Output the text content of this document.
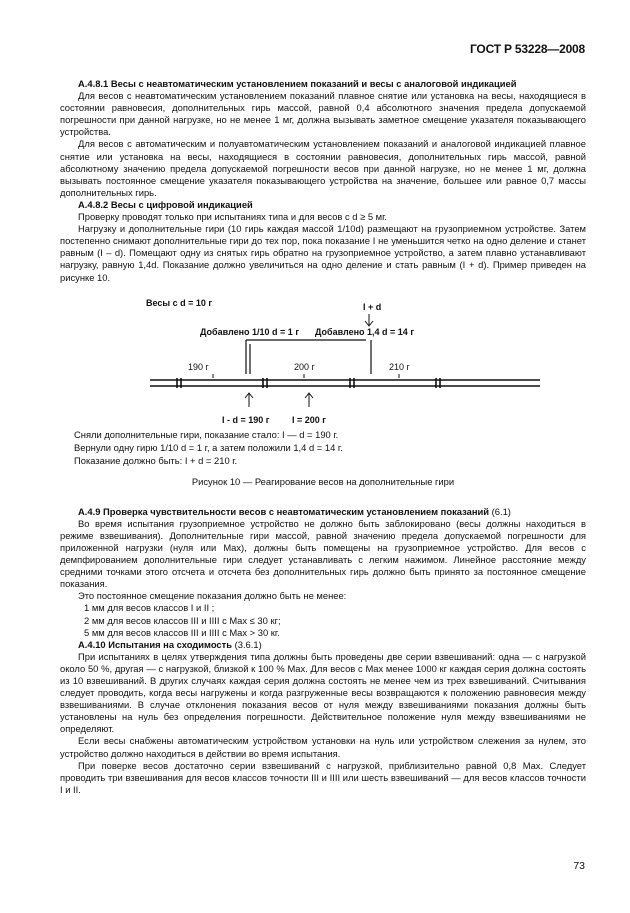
ГОСТ Р 53228—2008

А.4.8.1 Весы с неавтоматическим установлением показаний и весы с аналоговой индикацией

Для весов с неавтоматическим установлением показаний плавное снятие или установка на весы, находящиеся в состоянии равновесия, дополнительных гирь массой, равной 0,4 абсолютного значения предела допускаемой погрешности при данной нагрузке, но не менее 1 мг, должна вызывать заметное смещение указателя показывающего устройства.

Для весов с автоматическим и полуавтоматическим установлением показаний и аналоговой индикацией плавное снятие или установка на весы, находящиеся в состоянии равновесия, дополнительных гирь массой, равной абсолютному значению предела допускаемой погрешности весов при данной нагрузке, но не менее 1 мг, должна вызывать постоянное смещение указателя показывающего устройства на значение, большее или равное 0,7 массы дополнительных гирь.

А.4.8.2 Весы с цифровой индикацией

Проверку проводят только при испытаниях типа и для весов с d ≥ 5 мг.

Нагрузку и дополнительные гири (10 гирь каждая массой 1/10d) размещают на грузоприемном устройстве. Затем постепенно снимают дополнительные гири до тех пор, пока показание I не уменьшится четко на одно деление и станет равным (I – d). Помещают одну из снятых гирь обратно на грузоприемное устройство, а затем плавно устанавливают нагрузку, равную 1,4d. Показание должно увеличиться на одно деление и стать равным (I + d). Пример приведен на рисунке 10.

Весы с d = 10 г	I + d
Добавлено 1/10 d = 1 г Добавлено 1,4 d = 14 г
190 г	200 г	210 г
I - d = 190 г I = 200 г
Сняли дополнительные гири, показание стало: I — d = 190 г.
Вернули одну гирю 1/10 d = 1 г, а затем положили 1,4 d = 14 г.
Показание должно быть: I + d = 210 г.
Рисунок 10 — Реагирование весов на дополнительные гири

А.4.9 Проверка чувствительности весов с неавтоматическим установлением показаний (6.1)

Во время испытания грузоприемное устройство не должно быть заблокировано (весы должны находиться в режиме взвешивания). Дополнительные гири массой, равной значению предела допускаемой погрешности для приложенной нагрузки (нуля или Max), должны быть помещены на грузоприемное устройство. Для весов с демпфированием дополнительные гири следует устанавливать с легким нажимом. Линейное расстояние между средними точками этого отсчета и отсчета без дополнительных гирь должно быть принято за постоянное смещение показания.

Это постоянное смещение показания должно быть не менее:

1 мм для весов классов I и II ;

2 мм для весов классов III и IIII с Max ≤ 30 кг;

5 мм для весов классов III и IIII с Max > 30 кг.

А.4.10 Испытания на сходимость (3.6.1)

При испытаниях в целях утверждения типа должны быть проведены две серии взвешиваний: одна — с нагрузкой около 50 %, другая — с нагрузкой, близкой к 100 % Max. Для весов с Max менее 1000 кг каждая серия должна состоять из 10 взвешиваний. В других случаях каждая серия должна состоять не менее чем из трех взвешиваний. Считывания следует проводить, когда весы нагружены и когда разгруженные весы возвращаются к положению равновесия между взвешиваниями. В случае отклонения показания весов от нуля между взвешиваниями показания должны быть установлены на нуль без определения погрешности. Действительное положение нуля между взвешиваниями не определяют.

Если весы снабжены автоматическим устройством установки на нуль или устройством слежения за нулем, это устройство должно находиться в действии во время испытания.

При поверке весов достаточно серии взвешиваний с нагрузкой, приблизительно равной 0,8 Max. Следует проводить три взвешивания для весов классов точности III и IIII или шесть взвешиваний — для весов классов точности I и II.

73
